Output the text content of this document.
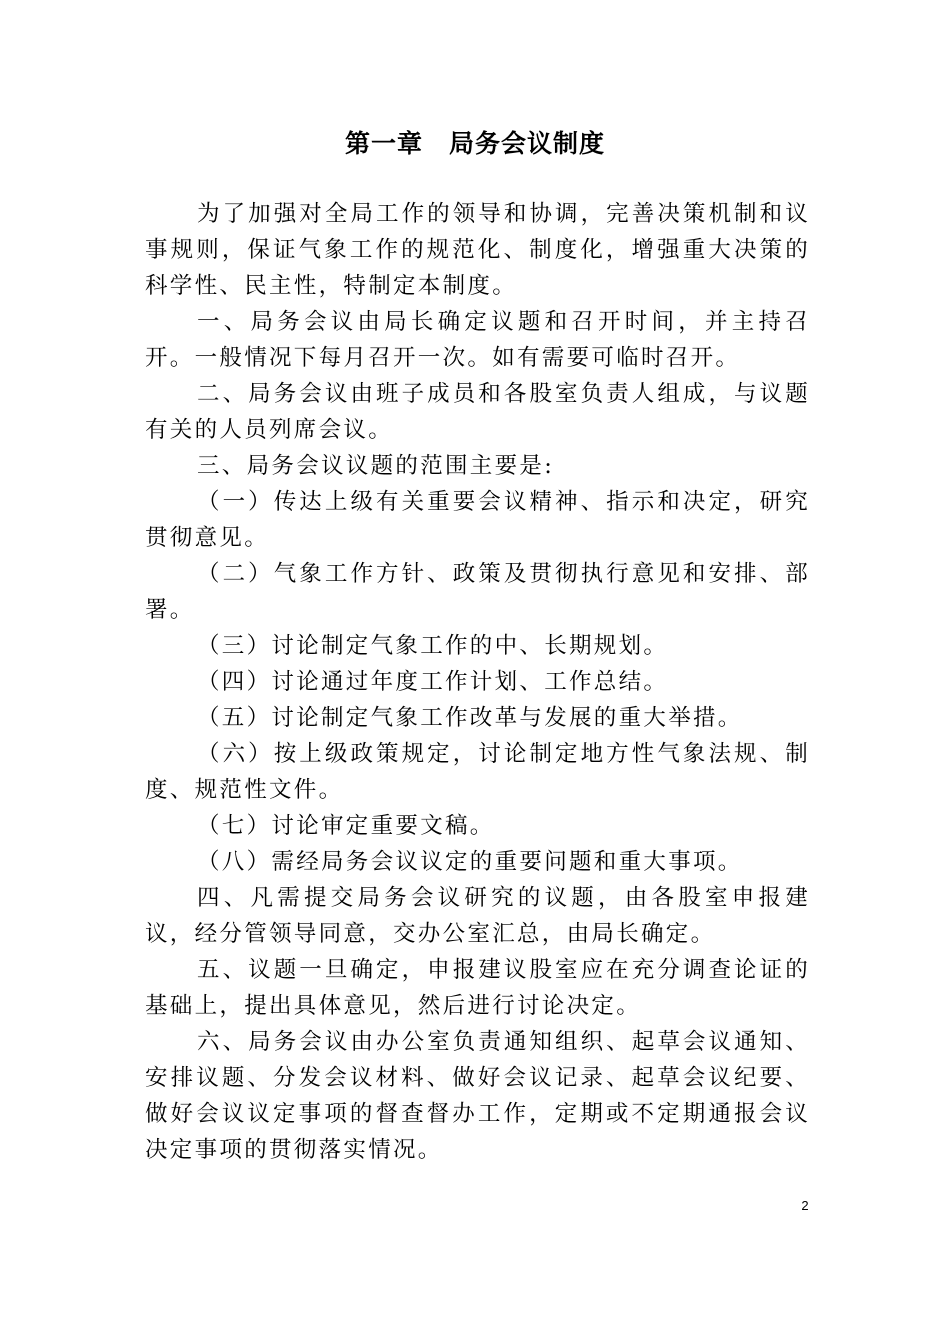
第一章　局务会议制度

为了加强对全局工作的领导和协调，完善决策机制和议事规则，保证气象工作的规范化、制度化，增强重大决策的科学性、民主性，特制定本制度。

一、局务会议由局长确定议题和召开时间，并主持召开。一般情况下每月召开一次。如有需要可临时召开。

二、局务会议由班子成员和各股室负责人组成，与议题有关的人员列席会议。

三、局务会议议题的范围主要是:

（一）传达上级有关重要会议精神、指示和决定，研究贯彻意见。

（二）气象工作方针、政策及贯彻执行意见和安排、部署。

（三）讨论制定气象工作的中、长期规划。

（四）讨论通过年度工作计划、工作总结。

（五）讨论制定气象工作改革与发展的重大举措。

（六）按上级政策规定，讨论制定地方性气象法规、制度、规范性文件。

（七）讨论审定重要文稿。

（八）需经局务会议议定的重要问题和重大事项。

四、凡需提交局务会议研究的议题，由各股室申报建议，经分管领导同意，交办公室汇总，由局长确定。

五、议题一旦确定，申报建议股室应在充分调查论证的基础上，提出具体意见，然后进行讨论决定。

六、局务会议由办公室负责通知组织、起草会议通知、安排议题、分发会议材料、做好会议记录、起草会议纪要、做好会议议定事项的督查督办工作，定期或不定期通报会议决定事项的贯彻落实情况。

2
